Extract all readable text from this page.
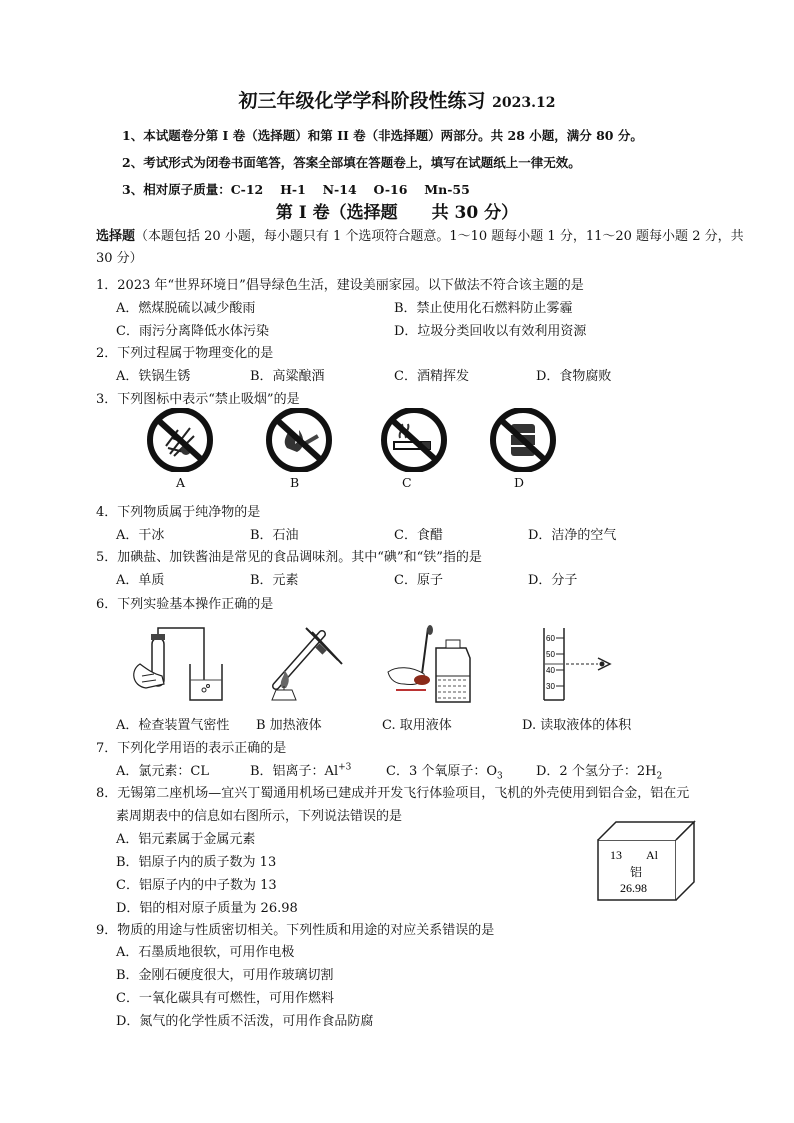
初三年级化学学科阶段性练习 2023.12
1、本试题卷分第 I 卷（选择题）和第 II 卷（非选择题）两部分。共 28 小题，满分 80 分。
2、考试形式为闭卷书面笔答，答案全部填在答题卷上，填写在试题纸上一律无效。
3、相对原子质量：C-12　 H-1　 N-14　 O-16　 Mn-55
第 I 卷（选择题　　共 30 分）
选择题（本题包括 20 小题，每小题只有 1 个选项符合题意。1～10 题每小题 1 分，11～20 题每小题 2 分，共 30 分）
1．2023 年“世界环境日”倡导绿色生活，建设美丽家园。以下做法不符合该主题的是
A．燃煤脱硫以减少酸雨	B．禁止使用化石燃料防止雾霾
C．雨污分离降低水体污染	D．垃圾分类回收以有效利用资源
2．下列过程属于物理变化的是
A．铁锅生锈	B．高粱酿酒	C．酒精挥发	D．食物腐败
3．下列图标中表示“禁止吸烟”的是
A	B	C	D
4．下列物质属于纯净物的是
A．干冰	B．石油	C．食醋	D．洁净的空气
5．加碘盐、加铁酱油是常见的食品调味剂。其中“碘”和“铁”指的是
A．单质	B．元素	C．原子	D．分子
6．下列实验基本操作正确的是
60
50
40
30
A．检查装置气密性 B 加热液体	C. 取用液体	D. 读取液体的体积
7．下列化学用语的表示正确的是
A．氯元素：CL	B．铝离子：$Al^{+3}$	C．3 个氧原子：$O_3$	D．2 个氢分子：$2H_2$
8．无锡第二座机场—宜兴丁蜀通用机场已建成并开发飞行体验项目，飞机的外壳使用到铝合金，铝在元
素周期表中的信息如右图所示，下列说法错误的是
A．铝元素属于金属元素
B．铝原子内的质子数为 13
C．铝原子内的中子数为 13
D．铝的相对原子质量为 26.98
13 Al
铝
26.98
9．物质的用途与性质密切相关。下列性质和用途的对应关系错误的是
A．石墨质地很软，可用作电极
B．金刚石硬度很大，可用作玻璃切割
C．一氧化碳具有可燃性，可用作燃料
D．氮气的化学性质不活泼，可用作食品防腐
